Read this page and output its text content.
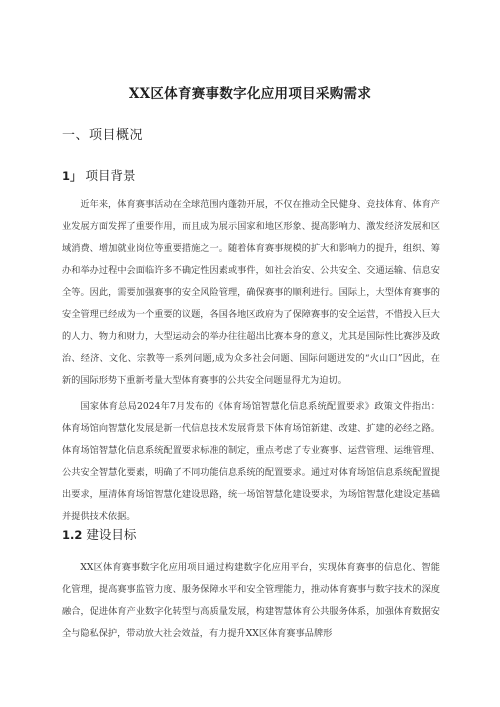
XX区体育赛事数字化应用项目采购需求
一、项目概况
1」 项目背景

近年来，体育赛事活动在全球范围内蓬勃开展，不仅在推动全民健身、竞技体育、体育产业发展方面发挥了重要作用，而且成为展示国家和地区形象、提高影响力、激发经济发展和区域消费、增加就业岗位等重要措施之一。随着体育赛事规模的扩大和影响力的提升，组织、筹办和举办过程中会面临许多不确定性因素或事件，如社会治安、公共安全、交通运输、信息安全等。因此，需要加强赛事的安全风险管理，确保赛事的顺利进行。国际上，大型体育赛事的安全管理已经成为一个重要的议题，各国各地区政府为了保障赛事的安全运营，不惜投入巨大的人力、物力和财力，大型运动会的举办往往超出比赛本身的意义，尤其是国际性比赛涉及政治、经济、文化、宗教等一系列问题,成为众多社会问题、国际问题迸发的“火山口”因此，在新的国际形势下重新考量大型体育赛事的公共安全问题显得尤为迫切。

国家体育总局2024年7月发布的《体育场馆智慧化信息系统配置要求》政策文件指出：体育场馆向智慧化发展是新一代信息技术发展背景下体育场馆新建、改建、扩建的必经之路。体育场馆智慧化信息系统配置要求标准的制定，重点考虑了专业赛事、运营管理、运维管理、公共安全智慧化要素，明确了不同功能信息系统的配置要求。通过对体育场馆信息系统配置提出要求，厘清体育场馆智慧化建设思路，统一场馆智慧化建设要求，为场馆智慧化建设定基础并提供技术依据。

1.2 建设目标

XX区体育赛事数字化应用项目通过构建数字化应用平台，实现体育赛事的信息化、智能化管理，提高赛事监管力度、服务保障水平和安全管理能力，推动体育赛事与数字技术的深度融合，促进体育产业数字化转型与高质量发展，构建智慧体育公共服务体系，加强体育数据安全与隐私保护，带动放大社会效益，有力提升XX区体育赛事品牌形
